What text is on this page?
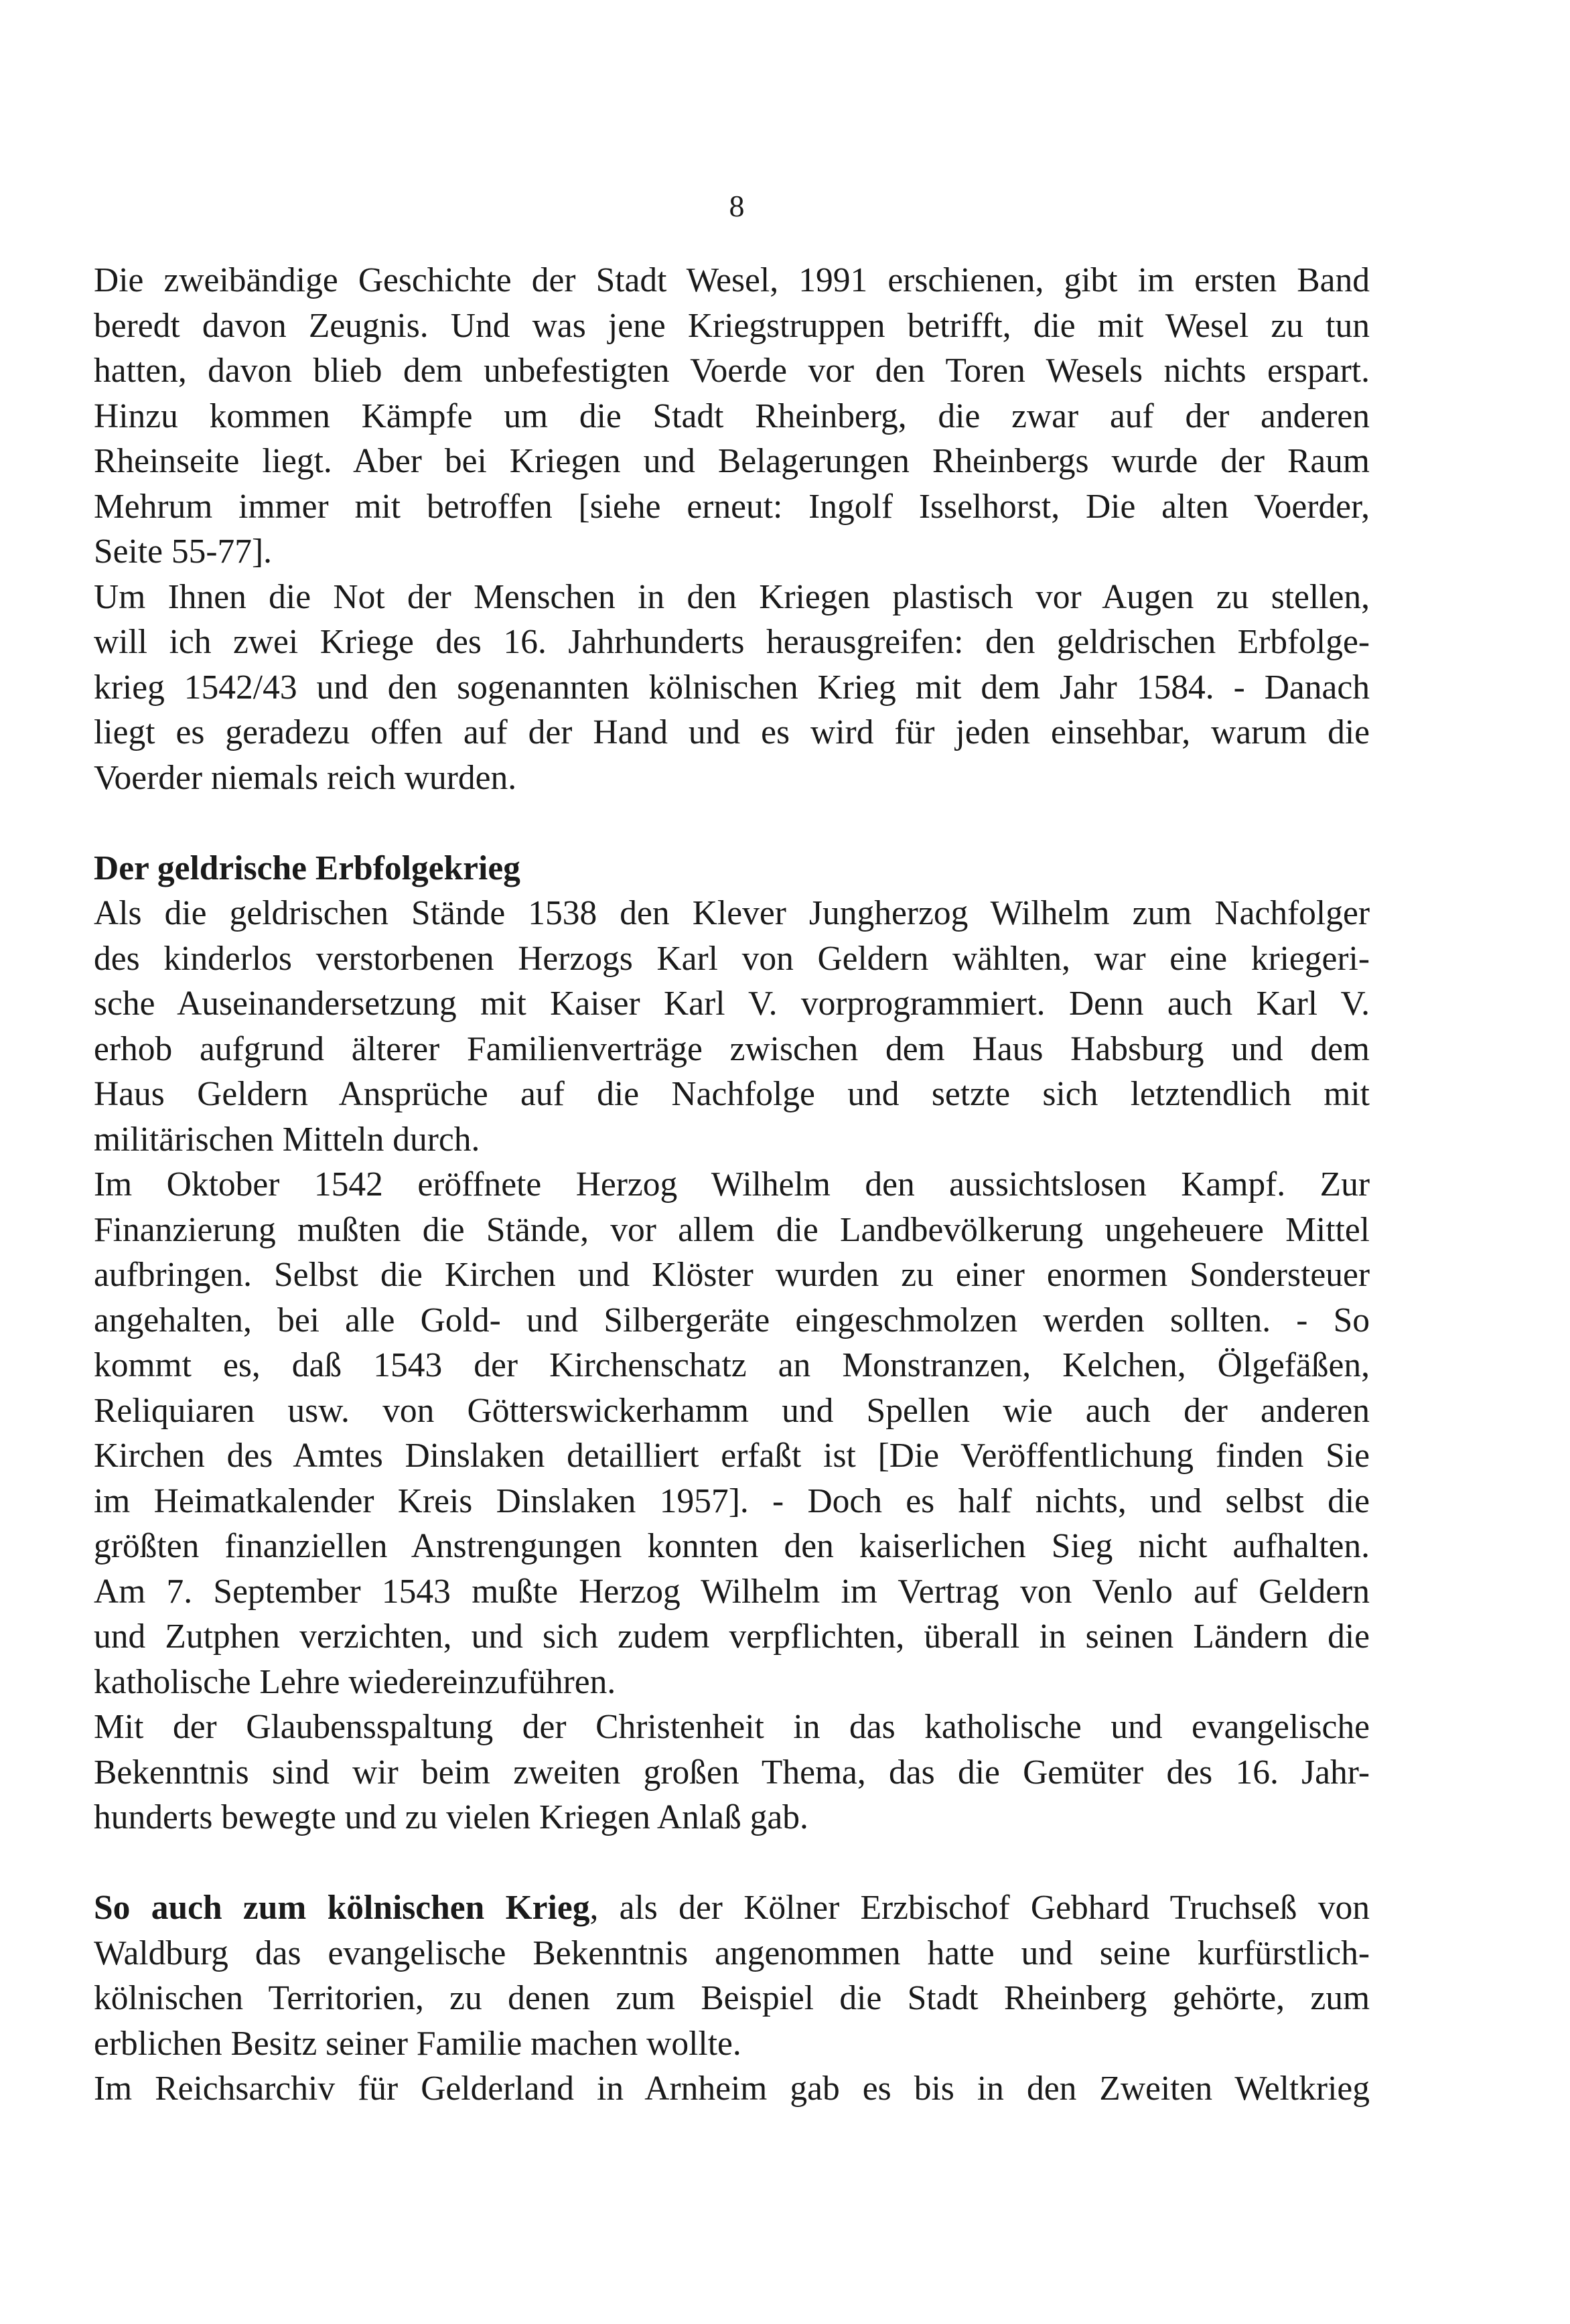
8
Die zweibändige Geschichte der Stadt Wesel, 1991 erschienen, gibt im ersten Band
beredt davon Zeugnis. Und was jene Kriegstruppen betrifft, die mit Wesel zu tun
hatten, davon blieb dem unbefestigten Voerde vor den Toren Wesels nichts erspart.
Hinzu kommen Kämpfe um die Stadt Rheinberg, die zwar auf der anderen
Rheinseite liegt. Aber bei Kriegen und Belagerungen Rheinbergs wurde der Raum
Mehrum immer mit betroffen [siehe erneut: Ingolf Isselhorst, Die alten Voerder,
Seite 55-77].
Um Ihnen die Not der Menschen in den Kriegen plastisch vor Augen zu stellen,
will ich zwei Kriege des 16. Jahrhunderts herausgreifen: den geldrischen Erbfolge-
krieg 1542/43 und den sogenannten kölnischen Krieg mit dem Jahr 1584. - Danach
liegt es geradezu offen auf der Hand und es wird für jeden einsehbar, warum die
Voerder niemals reich wurden.
Der geldrische Erbfolgekrieg
Als die geldrischen Stände 1538 den Klever Jungherzog Wilhelm zum Nachfolger
des kinderlos verstorbenen Herzogs Karl von Geldern wählten, war eine kriegeri-
sche Auseinandersetzung mit Kaiser Karl V. vorprogrammiert. Denn auch Karl V.
erhob aufgrund älterer Familienverträge zwischen dem Haus Habsburg und dem
Haus Geldern Ansprüche auf die Nachfolge und setzte sich letztendlich mit
militärischen Mitteln durch.
Im Oktober 1542 eröffnete Herzog Wilhelm den aussichtslosen Kampf. Zur
Finanzierung mußten die Stände, vor allem die Landbevölkerung ungeheuere Mittel
aufbringen. Selbst die Kirchen und Klöster wurden zu einer enormen Sondersteuer
angehalten, bei alle Gold- und Silbergeräte eingeschmolzen werden sollten. - So
kommt es, daß 1543 der Kirchenschatz an Monstranzen, Kelchen, Ölgefäßen,
Reliquiaren usw. von Götterswickerhamm und Spellen wie auch der anderen
Kirchen des Amtes Dinslaken detailliert erfaßt ist [Die Veröffentlichung finden Sie
im Heimatkalender Kreis Dinslaken 1957]. - Doch es half nichts, und selbst die
größten finanziellen Anstrengungen konnten den kaiserlichen Sieg nicht aufhalten.
Am 7. September 1543 mußte Herzog Wilhelm im Vertrag von Venlo auf Geldern
und Zutphen verzichten, und sich zudem verpflichten, überall in seinen Ländern die
katholische Lehre wiedereinzuführen.
Mit der Glaubensspaltung der Christenheit in das katholische und evangelische
Bekenntnis sind wir beim zweiten großen Thema, das die Gemüter des 16. Jahr-
hunderts bewegte und zu vielen Kriegen Anlaß gab.
So auch zum kölnischen Krieg, als der Kölner Erzbischof Gebhard Truchseß von
Waldburg das evangelische Bekenntnis angenommen hatte und seine kurfürstlich-
kölnischen Territorien, zu denen zum Beispiel die Stadt Rheinberg gehörte, zum
erblichen Besitz seiner Familie machen wollte.
Im Reichsarchiv für Gelderland in Arnheim gab es bis in den Zweiten Weltkrieg
